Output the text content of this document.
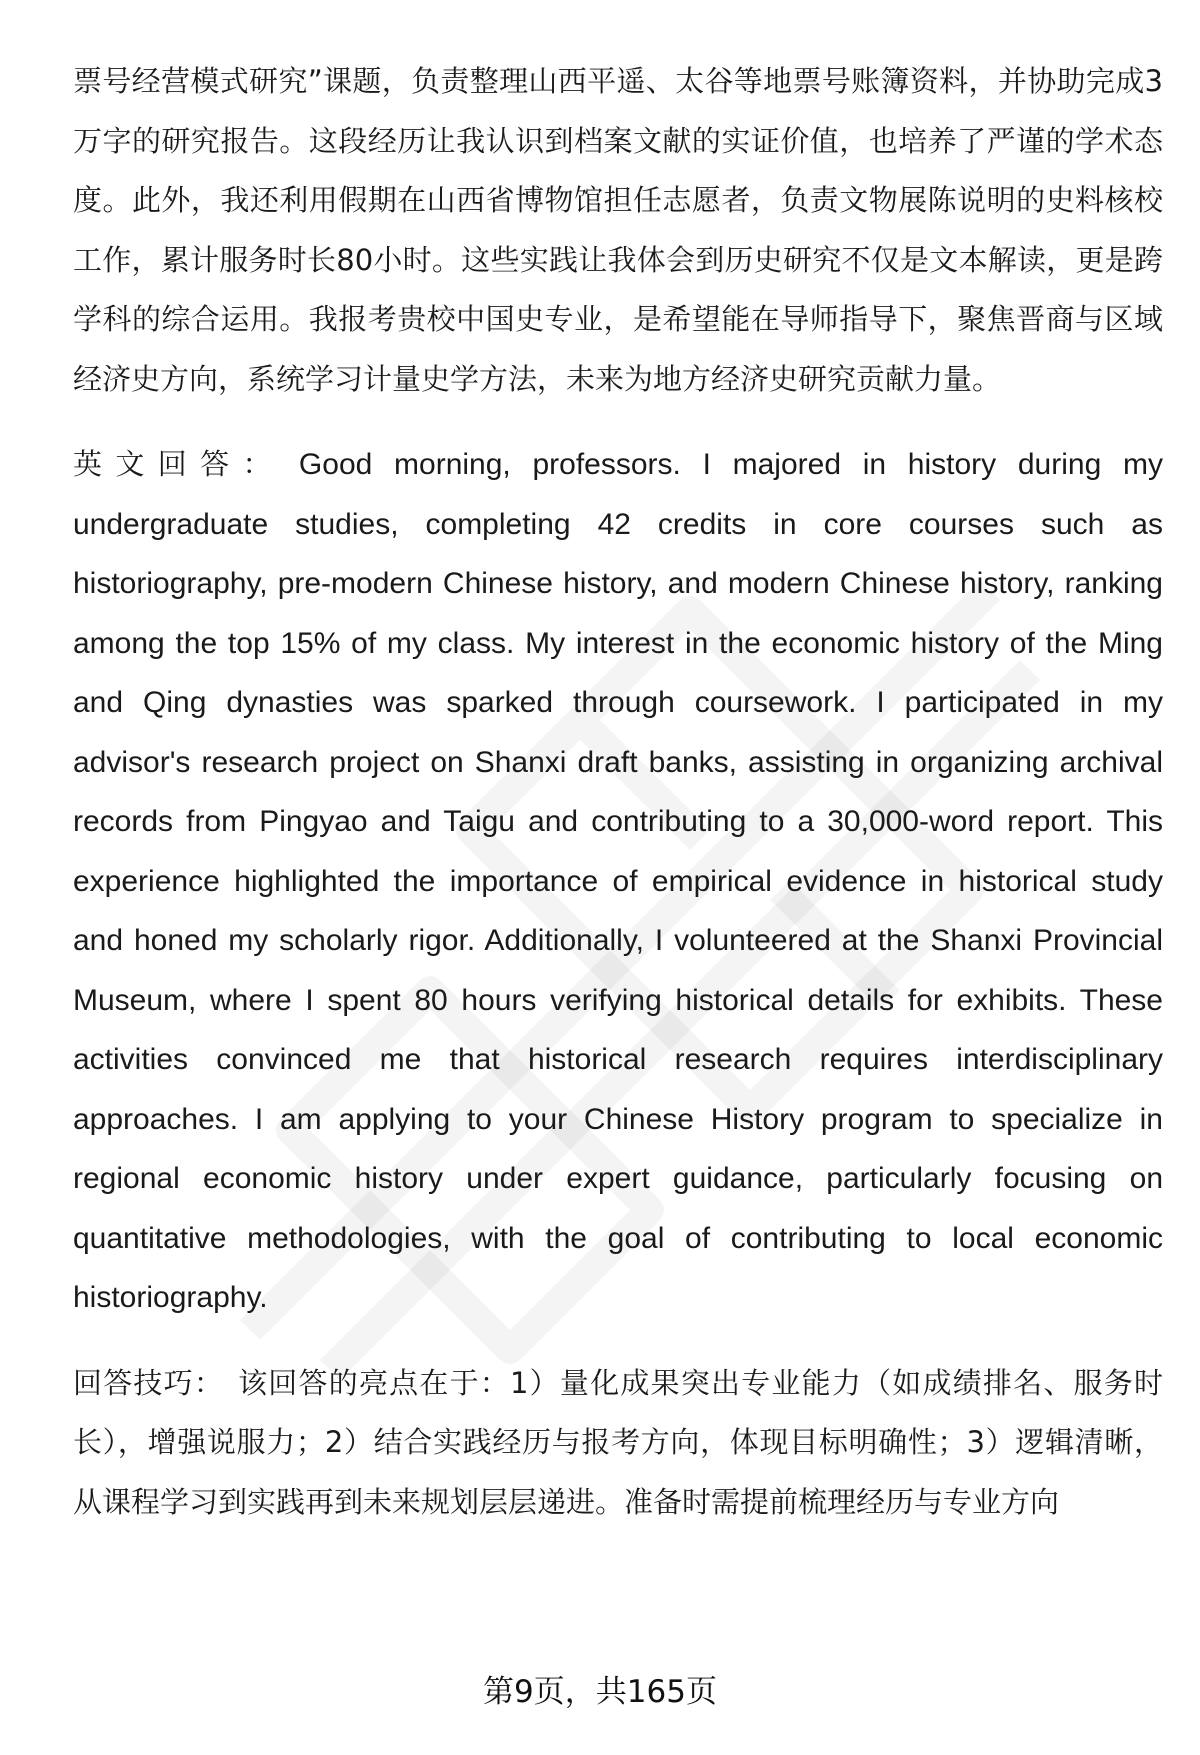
票号经营模式研究”课题，负责整理山西平遥、太谷等地票号账簿资料，并协助完成3万字的研究报告。这段经历让我认识到档案文献的实证价值，也培养了严谨的学术态度。此外，我还利用假期在山西省博物馆担任志愿者，负责文物展陈说明的史料核校工作，累计服务时长80小时。这些实践让我体会到历史研究不仅是文本解读，更是跨学科的综合运用。我报考贵校中国史专业，是希望能在导师指导下，聚焦晋商与区域经济史方向，系统学习计量史学方法，未来为地方经济史研究贡献力量。

英文回答： Good morning, professors. I majored in history during my undergraduate studies, completing 42 credits in core courses such as historiography, pre-modern Chinese history, and modern Chinese history, ranking among the top 15% of my class. My interest in the economic history of the Ming and Qing dynasties was sparked through coursework. I participated in my advisor's research project on Shanxi draft banks, assisting in organizing archival records from Pingyao and Taigu and contributing to a 30,000-word report. This experience highlighted the importance of empirical evidence in historical study and honed my scholarly rigor. Additionally, I volunteered at the Shanxi Provincial Museum, where I spent 80 hours verifying historical details for exhibits. These activities convinced me that historical research requires interdisciplinary approaches. I am applying to your Chinese History program to specialize in regional economic history under expert guidance, particularly focusing on quantitative methodologies, with the goal of contributing to local economic historiography.

回答技巧： 该回答的亮点在于：1）量化成果突出专业能力（如成绩排名、服务时长），增强说服力；2）结合实践经历与报考方向，体现目标明确性；3）逻辑清晰，从课程学习到实践再到未来规划层层递进。准备时需提前梳理经历与专业方向

第9页，共165页
